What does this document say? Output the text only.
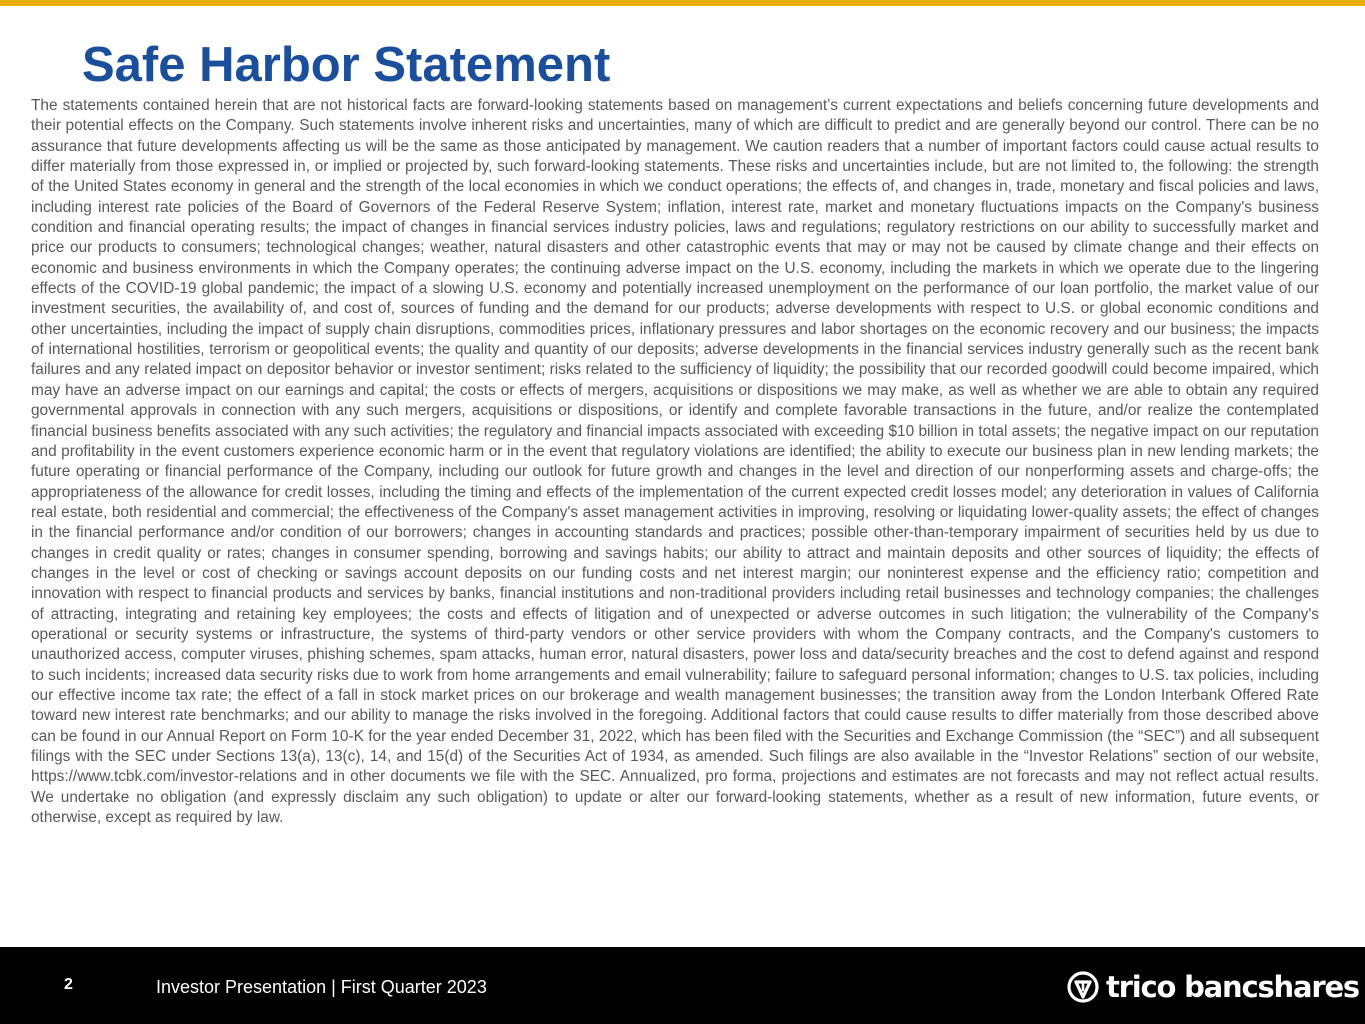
Safe Harbor Statement

The statements contained herein that are not historical facts are forward-looking statements based on management’s current expectations and beliefs concerning future developments and their potential effects on the Company. Such statements involve inherent risks and uncertainties, many of which are difficult to predict and are generally beyond our control. There can be no assurance that future developments affecting us will be the same as those anticipated by management. We caution readers that a number of important factors could cause actual results to differ materially from those expressed in, or implied or projected by, such forward-looking statements. These risks and uncertainties include, but are not limited to, the following: the strength of the United States economy in general and the strength of the local economies in which we conduct operations; the effects of, and changes in, trade, monetary and fiscal policies and laws, including interest rate policies of the Board of Governors of the Federal Reserve System; inflation, interest rate, market and monetary fluctuations impacts on the Company's business condition and financial operating results; the impact of changes in financial services industry policies, laws and regulations; regulatory restrictions on our ability to successfully market and price our products to consumers; technological changes; weather, natural disasters and other catastrophic events that may or may not be caused by climate change and their effects on economic and business environments in which the Company operates; the continuing adverse impact on the U.S. economy, including the markets in which we operate due to the lingering effects of the COVID-19 global pandemic; the impact of a slowing U.S. economy and potentially increased unemployment on the performance of our loan portfolio, the market value of our investment securities, the availability of, and cost of, sources of funding and the demand for our products; adverse developments with respect to U.S. or global economic conditions and other uncertainties, including the impact of supply chain disruptions, commodities prices, inflationary pressures and labor shortages on the economic recovery and our business; the impacts of international hostilities, terrorism or geopolitical events; the quality and quantity of our deposits; adverse developments in the financial services industry generally such as the recent bank failures and any related impact on depositor behavior or investor sentiment; risks related to the sufficiency of liquidity; the possibility that our recorded goodwill could become impaired, which may have an adverse impact on our earnings and capital; the costs or effects of mergers, acquisitions or dispositions we may make, as well as whether we are able to obtain any required governmental approvals in connection with any such mergers, acquisitions or dispositions, or identify and complete favorable transactions in the future, and/or realize the contemplated financial business benefits associated with any such activities; the regulatory and financial impacts associated with exceeding $10 billion in total assets; the negative impact on our reputation and profitability in the event customers experience economic harm or in the event that regulatory violations are identified; the ability to execute our business plan in new lending markets; the future operating or financial performance of the Company, including our outlook for future growth and changes in the level and direction of our nonperforming assets and charge-offs; the appropriateness of the allowance for credit losses, including the timing and effects of the implementation of the current expected credit losses model; any deterioration in values of California real estate, both residential and commercial; the effectiveness of the Company's asset management activities in improving, resolving or liquidating lower-quality assets; the effect of changes in the financial performance and/or condition of our borrowers; changes in accounting standards and practices; possible other-than-temporary impairment of securities held by us due to changes in credit quality or rates; changes in consumer spending, borrowing and savings habits; our ability to attract and maintain deposits and other sources of liquidity; the effects of changes in the level or cost of checking or savings account deposits on our funding costs and net interest margin; our noninterest expense and the efficiency ratio; competition and innovation with respect to financial products and services by banks, financial institutions and non-traditional providers including retail businesses and technology companies; the challenges of attracting, integrating and retaining key employees; the costs and effects of litigation and of unexpected or adverse outcomes in such litigation; the vulnerability of the Company's operational or security systems or infrastructure, the systems of third-party vendors or other service providers with whom the Company contracts, and the Company's customers to unauthorized access, computer viruses, phishing schemes, spam attacks, human error, natural disasters, power loss and data/security breaches and the cost to defend against and respond to such incidents; increased data security risks due to work from home arrangements and email vulnerability; failure to safeguard personal information; changes to U.S. tax policies, including our effective income tax rate; the effect of a fall in stock market prices on our brokerage and wealth management businesses; the transition away from the London Interbank Offered Rate toward new interest rate benchmarks; and our ability to manage the risks involved in the foregoing. Additional factors that could cause results to differ materially from those described above can be found in our Annual Report on Form 10-K for the year ended December 31, 2022, which has been filed with the Securities and Exchange Commission (the “SEC”) and all subsequent filings with the SEC under Sections 13(a), 13(c), 14, and 15(d) of the Securities Act of 1934, as amended. Such filings are also available in the “Investor Relations” section of our website, https://www.tcbk.com/investor-relations and in other documents we file with the SEC. Annualized, pro forma, projections and estimates are not forecasts and may not reflect actual results. We undertake no obligation (and expressly disclaim any such obligation) to update or alter our forward-looking statements, whether as a result of new information, future events, or otherwise, except as required by law.

2	Investor Presentation | First Quarter 2023	trico bancshares
